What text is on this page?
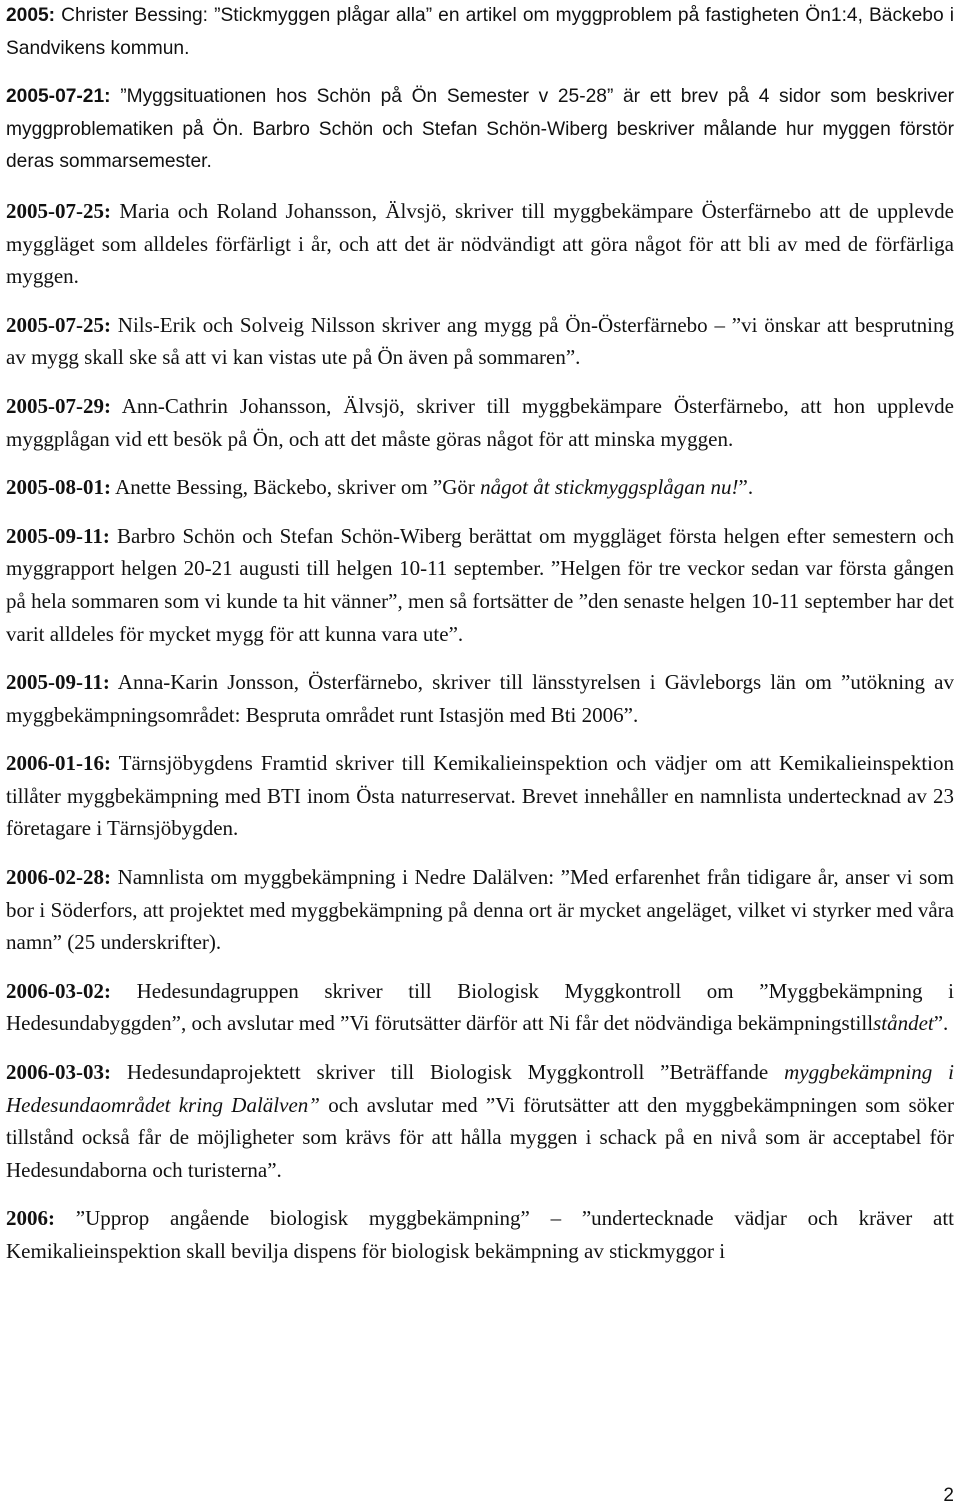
2005: Christer Bessing: ”Stickmyggen plågar alla” en artikel om myggproblem på fastigheten Ön1:4, Bäckebo i Sandvikens kommun.

2005-07-21: ”Myggsituationen hos Schön på Ön Semester v 25-28” är ett brev på 4 sidor som beskriver myggproblematiken på Ön. Barbro Schön och Stefan Schön-Wiberg beskriver målande hur myggen förstör deras sommarsemester.

2005-07-25: Maria och Roland Johansson, Älvsjö, skriver till myggbekämpare Österfärnebo att de upplevde myggläget som alldeles förfärligt i år, och att det är nödvändigt att göra något för att bli av med de förfärliga myggen.

2005-07-25: Nils-Erik och Solveig Nilsson skriver ang mygg på Ön-Österfärnebo – ”vi önskar att besprutning av mygg skall ske så att vi kan vistas ute på Ön även på sommaren”.

2005-07-29: Ann-Cathrin Johansson, Älvsjö, skriver till myggbekämpare Österfärnebo, att hon upplevde myggplågan vid ett besök på Ön, och att det måste göras något för att minska myggen.

2005-08-01: Anette Bessing, Bäckebo, skriver om ”Gör något åt stickmyggsplågan nu!”.

2005-09-11: Barbro Schön och Stefan Schön-Wiberg berättat om myggläget första helgen efter semestern och myggrapport helgen 20-21 augusti till helgen 10-11 september. ”Helgen för tre veckor sedan var första gången på hela sommaren som vi kunde ta hit vänner”, men så fortsätter de ”den senaste helgen 10-11 september har det varit alldeles för mycket mygg för att kunna vara ute”.

2005-09-11: Anna-Karin Jonsson, Österfärnebo, skriver till länsstyrelsen i Gävleborgs län om ”utökning av myggbekämpningsområdet: Bespruta området runt Istasjön med Bti 2006”.

2006-01-16: Tärnsjöbygdens Framtid skriver till Kemikalieinspektion och vädjer om att Kemikalieinspektion tillåter myggbekämpning med BTI inom Östa naturreservat. Brevet innehåller en namnlista undertecknad av 23 företagare i Tärnsjöbygden.

2006-02-28: Namnlista om myggbekämpning i Nedre Dalälven: ”Med erfarenhet från tidigare år, anser vi som bor i Söderfors, att projektet med myggbekämpning på denna ort är mycket angeläget, vilket vi styrker med våra namn” (25 underskrifter).

2006-03-02: Hedesundagruppen skriver till Biologisk Myggkontroll om ”Myggbekämpning i Hedesundabyggden”, och avslutar med ”Vi förutsätter därför att Ni får det nödvändiga bekämpningstillståndet”.

2006-03-03: Hedesundaprojektett skriver till Biologisk Myggkontroll ”Beträffande myggbekämpning i Hedesundaområdet kring Dalälven” och avslutar med ”Vi förutsätter att den myggbekämpningen som söker tillstånd också får de möjligheter som krävs för att hålla myggen i schack på en nivå som är acceptabel för Hedesundaborna och turisterna”.

2006: ”Upprop angående biologisk myggbekämpning” – ”undertecknade vädjar och kräver att Kemikalieinspektion skall bevilja dispens för biologisk bekämpning av stickmyggor i

2
